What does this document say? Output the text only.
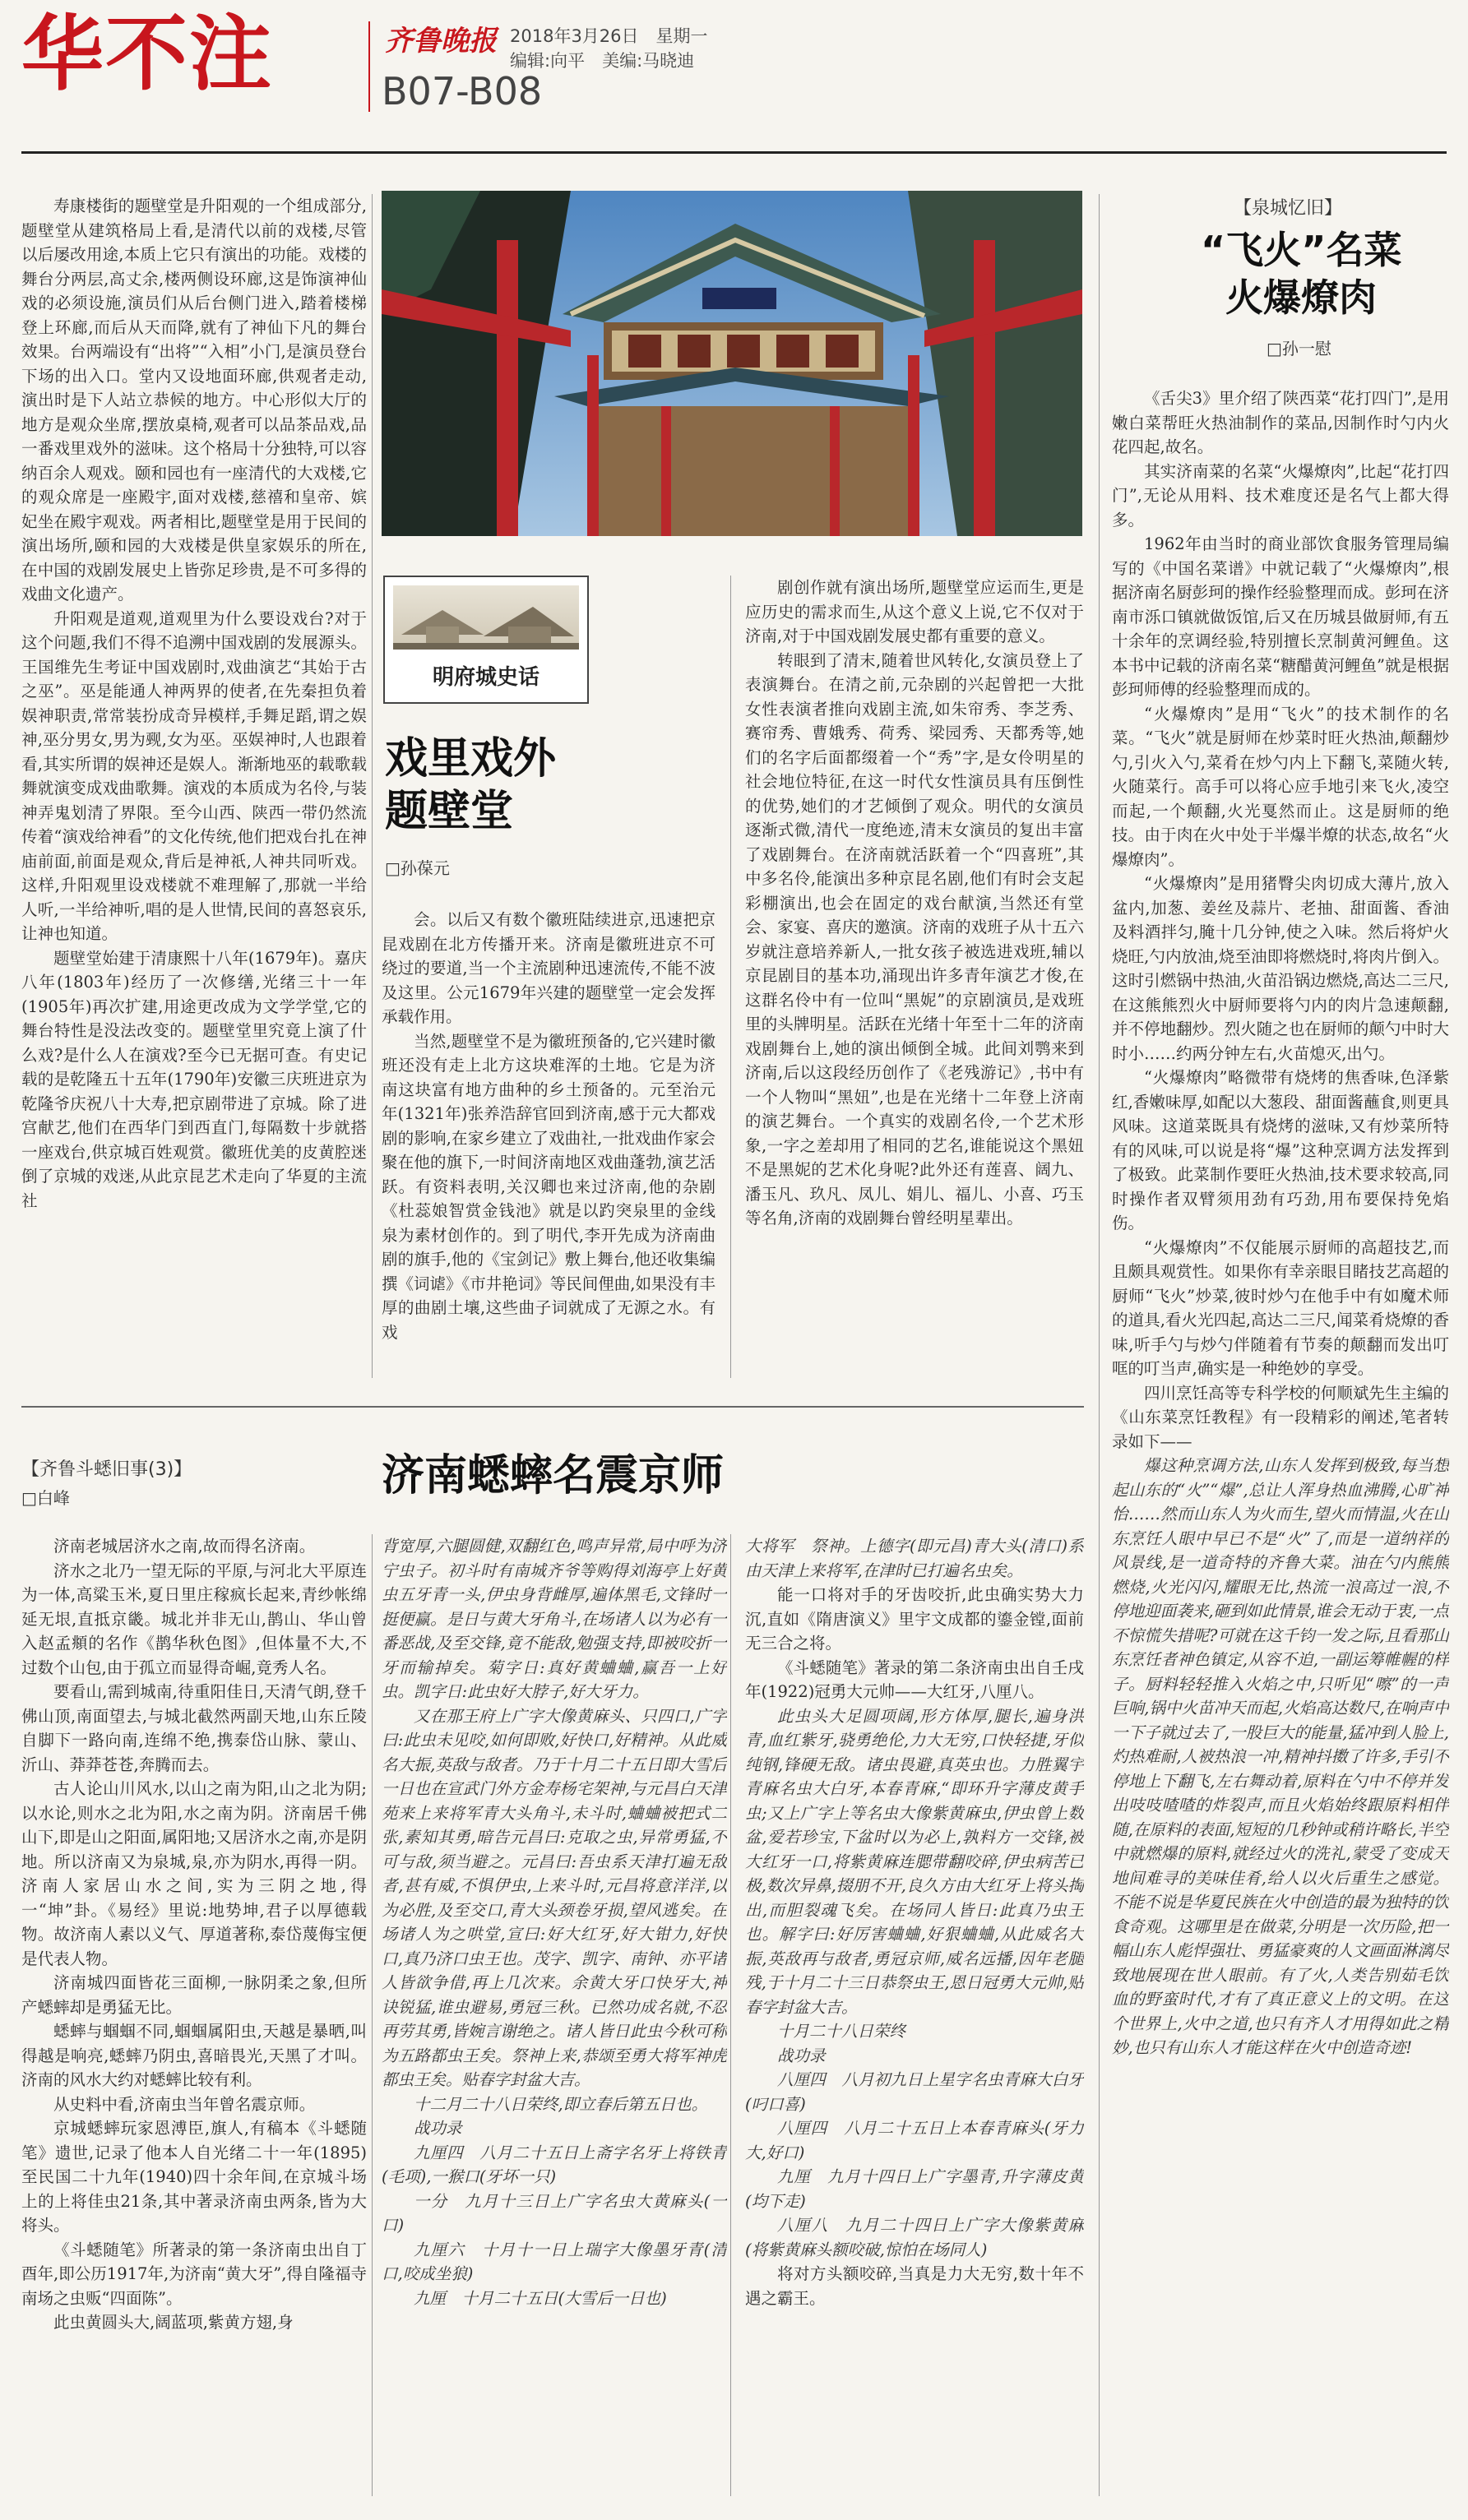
华不注	齐鲁晚报 2018年3月26日　星期一
编辑:向平　美编:马晓迪
B07-B08

寿康楼街的题壁堂是升阳观的一个组成部分,题壁堂从建筑格局上看,是清代以前的戏楼,尽管以后屡改用途,本质上它只有演出的功能。戏楼的舞台分两层,高丈余,楼两侧设环廊,这是饰演神仙戏的必须设施,演员们从后台侧门进入,踏着楼梯登上环廊,而后从天而降,就有了神仙下凡的舞台效果。台两端设有“出将”“入相”小门,是演员登台下场的出入口。堂内又设地面环廊,供观者走动,演出时是下人站立恭候的地方。中心形似大厅的地方是观众坐席,摆放桌椅,观者可以品茶品戏,品一番戏里戏外的滋味。这个格局十分独特,可以容纳百余人观戏。颐和园也有一座清代的大戏楼,它的观众席是一座殿宇,面对戏楼,慈禧和皇帝、嫔妃坐在殿宇观戏。两者相比,题壁堂是用于民间的演出场所,颐和园的大戏楼是供皇家娱乐的所在,在中国的戏剧发展史上皆弥足珍贵,是不可多得的戏曲文化遗产。

升阳观是道观,道观里为什么要设戏台?对于这个问题,我们不得不追溯中国戏剧的发展源头。王国维先生考证中国戏剧时,戏曲演艺“其始于古之巫”。巫是能通人神两界的使者,在先秦担负着娱神职责,常常装扮成奇异模样,手舞足蹈,谓之娱神,巫分男女,男为觋,女为巫。巫娱神时,人也跟着看,其实所谓的娱神还是娱人。渐渐地巫的载歌载舞就演变成戏曲歌舞。演戏的本质成为名伶,与装神弄鬼划清了界限。至今山西、陕西一带仍然流传着“演戏给神看”的文化传统,他们把戏台扎在神庙前面,前面是观众,背后是神祇,人神共同听戏。这样,升阳观里设戏楼就不难理解了,那就一半给人听,一半给神听,唱的是人世情,民间的喜怒哀乐,让神也知道。

题壁堂始建于清康熙十八年(1679年)。嘉庆八年(1803年)经历了一次修缮,光绪三十一年(1905年)再次扩建,用途更改成为文学学堂,它的舞台特性是没法改变的。题壁堂里究竟上演了什么戏?是什么人在演戏?至今已无据可查。有史记载的是乾隆五十五年(1790年)安徽三庆班进京为乾隆爷庆祝八十大寿,把京剧带进了京城。除了进宫献艺,他们在西华门到西直门,每隔数十步就搭一座戏台,供京城百姓观赏。徽班优美的皮黄腔迷倒了京城的戏迷,从此京昆艺术走向了华夏的主流社

明府城史话
戏里戏外
题壁堂
□孙葆元

会。以后又有数个徽班陆续进京,迅速把京昆戏剧在北方传播开来。济南是徽班进京不可绕过的要道,当一个主流剧种迅速流传,不能不波及这里。公元1679年兴建的题壁堂一定会发挥承载作用。

当然,题壁堂不是为徽班预备的,它兴建时徽班还没有走上北方这块难浑的土地。它是为济南这块富有地方曲种的乡土预备的。元至治元年(1321年)张养浩辞官回到济南,感于元大都戏剧的影响,在家乡建立了戏曲社,一批戏曲作家会聚在他的旗下,一时间济南地区戏曲蓬勃,演艺活跃。有资料表明,关汉卿也来过济南,他的杂剧《杜蕊娘智赏金钱池》就是以趵突泉里的金线泉为素材创作的。到了明代,李开先成为济南曲剧的旗手,他的《宝剑记》敷上舞台,他还收集编撰《词谑》《市井艳词》等民间俚曲,如果没有丰厚的曲剧土壤,这些曲子词就成了无源之水。有戏

剧创作就有演出场所,题壁堂应运而生,更是应历史的需求而生,从这个意义上说,它不仅对于济南,对于中国戏剧发展史都有重要的意义。

转眼到了清末,随着世风转化,女演员登上了表演舞台。在清之前,元杂剧的兴起曾把一大批女性表演者推向戏剧主流,如朱帘秀、李芝秀、赛帘秀、曹娥秀、荷秀、梁园秀、天都秀等,她们的名字后面都缀着一个“秀”字,是女伶明星的社会地位特征,在这一时代女性演员具有压倒性的优势,她们的才艺倾倒了观众。明代的女演员逐渐式微,清代一度绝迹,清末女演员的复出丰富了戏剧舞台。在济南就活跃着一个“四喜班”,其中多名伶,能演出多种京昆名剧,他们有时会支起彩棚演出,也会在固定的戏台献演,当然还有堂会、家宴、喜庆的邀演。济南的戏班子从十五六岁就注意培养新人,一批女孩子被选进戏班,辅以京昆剧目的基本功,涌现出许多青年演艺才俊,在这群名伶中有一位叫“黑妮”的京剧演员,是戏班里的头牌明星。活跃在光绪十年至十二年的济南戏剧舞台上,她的演出倾倒全城。此间刘鹗来到济南,后以这段经历创作了《老残游记》,书中有一个人物叫“黑妞”,也是在光绪十二年登上济南的演艺舞台。一个真实的戏剧名伶,一个艺术形象,一字之差却用了相同的艺名,谁能说这个黑妞不是黑妮的艺术化身呢?此外还有莲喜、阔九、潘玉凡、玖凡、凤儿、娟儿、福儿、小喜、巧玉等名角,济南的戏剧舞台曾经明星辈出。

【泉城忆旧】
“飞火”名菜
火爆燎肉
□孙一慰

《舌尖3》里介绍了陕西菜“花打四门”,是用嫩白菜帮旺火热油制作的菜品,因制作时勺内火花四起,故名。

其实济南菜的名菜“火爆燎肉”,比起“花打四门”,无论从用料、技术难度还是名气上都大得多。

1962年由当时的商业部饮食服务管理局编写的《中国名菜谱》中就记载了“火爆燎肉”,根据济南名厨彭珂的操作经验整理而成。彭珂在济南市泺口镇就做饭馆,后又在历城县做厨师,有五十余年的烹调经验,特别擅长烹制黄河鲤鱼。这本书中记载的济南名菜“糖醋黄河鲤鱼”就是根据彭珂师傅的经验整理而成的。

“火爆燎肉”是用“飞火”的技术制作的名菜。“飞火”就是厨师在炒菜时旺火热油,颠翻炒勺,引火入勺,菜肴在炒勺内上下翻飞,菜随火转,火随菜行。高手可以将心应手地引来飞火,凌空而起,一个颠翻,火光戛然而止。这是厨师的绝技。由于肉在火中处于半爆半燎的状态,故名“火爆燎肉”。

“火爆燎肉”是用猪臀尖肉切成大薄片,放入盆内,加葱、姜丝及蒜片、老抽、甜面酱、香油及料酒拌匀,腌十几分钟,使之入味。然后将炉火烧旺,勺内放油,烧至油即将燃烧时,将肉片倒入。这时引燃锅中热油,火苗沿锅边燃烧,高达二三尺,在这熊熊烈火中厨师要将勺内的肉片急速颠翻,并不停地翻炒。烈火随之也在厨师的颠勺中时大时小……约两分钟左右,火苗熄灭,出勺。

“火爆燎肉”略微带有烧烤的焦香味,色泽紫红,香嫩味厚,如配以大葱段、甜面酱蘸食,则更具风味。这道菜既具有烧烤的滋味,又有炒菜所特有的风味,可以说是将“爆”这种烹调方法发挥到了极致。此菜制作要旺火热油,技术要求较高,同时操作者双臂须用劲有巧劲,用布要保持免焰伤。

“火爆燎肉”不仅能展示厨师的高超技艺,而且颇具观赏性。如果你有幸亲眼目睹技艺高超的厨师“飞火”炒菜,彼时炒勺在他手中有如魔术师的道具,看火光四起,高达二三尺,闻菜肴烧燎的香味,听手勺与炒勺伴随着有节奏的颠翻而发出叮哐的叮当声,确实是一种绝妙的享受。

四川烹饪高等专科学校的何顺斌先生主编的《山东菜烹饪教程》有一段精彩的阐述,笔者转录如下——

爆这种烹调方法,山东人发挥到极致,每当想起山东的“火”“爆”,总让人浑身热血沸腾,心旷神怡……然而山东人为火而生,望火而情温,火在山东烹饪人眼中早已不是“火”了,而是一道纳祥的风景线,是一道奇特的齐鲁大菜。油在勺内熊熊燃烧,火光闪闪,耀眼无比,热流一浪高过一浪,不停地迎面袭来,砸到如此情景,谁会无动于衷,一点不惊慌失措呢?可就在这千钧一发之际,且看那山东烹饪者神色镇定,从容不迫,一副运筹帷幄的样子。厨料轻轻推入火焰之中,只听见“嚓”的一声巨响,锅中火苗冲天而起,火焰高达数尺,在响声中一下子就过去了,一股巨大的能量,猛冲到人脸上,灼热难耐,人被热浪一冲,精神抖擞了许多,手引不停地上下翻飞,左右舞动着,原料在勺中不停并发出吱吱喳喳的炸裂声,而且火焰始终跟原料相伴随,在原料的表面,短短的几秒钟或稍许略长,半空中就燃爆的原料,就经过火的洗礼,蒙受了变成天地间难寻的美味佳肴,给人以火后重生之感觉。不能不说是华夏民族在火中创造的最为独特的饮食奇观。这哪里是在做菜,分明是一次历险,把一幅山东人彪悍强壮、勇猛豪爽的人文画面淋漓尽致地展现在世人眼前。有了火,人类告别茹毛饮血的野蛮时代,才有了真正意义上的文明。在这个世界上,火中之道,也只有齐人才用得如此之精妙,也只有山东人才能这样在火中创造奇迹!

【齐鲁斗蟋旧事(3)】
□白峰	济南蟋蟀名震京师

济南老城居济水之南,故而得名济南。

济水之北乃一望无际的平原,与河北大平原连为一体,高粱玉米,夏日里庄稼疯长起来,青纱帐绵延无垠,直抵京畿。城北并非无山,鹊山、华山曾入赵孟頫的名作《鹊华秋色图》,但体量不大,不过数个山包,由于孤立而显得奇崛,竟秀人名。

要看山,需到城南,待重阳佳日,天清气朗,登千佛山顶,南面望去,与城北截然两副天地,山东丘陵自脚下一路向南,连绵不绝,携泰岱山脉、蒙山、沂山、莽莽苍苍,奔腾而去。

古人论山川风水,以山之南为阳,山之北为阴;以水论,则水之北为阳,水之南为阴。济南居千佛山下,即是山之阳面,属阳地;又居济水之南,亦是阴地。所以济南又为泉城,泉,亦为阴水,再得一阴。济南人家居山水之间,实为三阴之地,得一“坤”卦。《易经》里说:地势坤,君子以厚德载物。故济南人素以义气、厚道著称,泰岱蔑侮宝便是代表人物。

济南城四面皆花三面柳,一脉阴柔之象,但所产蟋蟀却是勇猛无比。

蟋蟀与蝈蝈不同,蝈蝈属阳虫,天越是暴晒,叫得越是响亮,蟋蟀乃阴虫,喜暗畏光,天黑了才叫。济南的风水大约对蟋蟀比较有利。

从史料中看,济南虫当年曾名震京师。

京城蟋蟀玩家恩溥臣,旗人,有稿本《斗蟋随笔》遗世,记录了他本人自光绪二十一年(1895)至民国二十九年(1940)四十余年间,在京城斗场上的上将佳虫21条,其中著录济南虫两条,皆为大将头。

《斗蟋随笔》所著录的第一条济南虫出自丁酉年,即公历1917年,为济南“黄大牙”,得自隆福寺南场之虫贩“四面陈”。

此虫黄圆头大,阔蓝项,紫黄方翅,身

背宽厚,六腿圆健,双翻红色,鸣声异常,局中呼为济宁虫子。初斗时有南城齐爷等购得刘海亭上好黄虫五牙青一头,伊虫身背雌厚,遍体黑毛,文锋时一挺便赢。是日与黄大牙角斗,在场诸人以为必有一番恶战,及至交锋,竟不能敌,勉强支持,即被咬折一牙而输掉矣。菊字日:真好黄蛐蛐,赢吾一上好虫。凯字日:此虫好大脖子,好大牙力。

又在那王府上广字大像黄麻头、只四口,广字曰:此虫未见咬,如何即败,好快口,好精神。从此威名大振,英敌与敌者。乃于十月二十五日即大雪后一日也在宣武门外方金寿杨宅架神,与元昌白天津苑来上来将军青大头角斗,未斗时,蛐蛐被把式二张,素知其勇,暗告元昌曰:克取之虫,异常勇猛,不可与敌,须当避之。元昌曰:吾虫系天津打遍无敌者,甚有威,不惧伊虫,上来斗时,元昌将意洋洋,以为必胜,及至交口,青大头颈卷牙损,望风逃矣。在场诸人为之哄堂,宣曰:好大红牙,好大钳力,好快口,真乃济口虫王也。茂字、凯字、南钟、亦平诸人皆欲争借,再上几次来。余黄大牙口快牙大,神诀锐猛,谁虫避易,勇冠三秋。已然功成名就,不忍再劳其勇,皆婉言谢绝之。诸人皆日此虫今秋可称为五路都虫王矣。祭神上来,恭颂至勇大将军神虎都虫王矣。贴春字封盆大吉。

十二月二十八日荣终,即立春后第五日也。

战功录

九厘四　八月二十五日上斋字名牙上将铁青(毛项),一猴口(牙坏一只)

一分　九月十三日上广字名虫大黄麻头(一口)

九厘六　十月十一日上瑞字大像墨牙青(清口,咬成坐狼)

九厘　十月二十五日(大雪后一日也)

大将军　祭神。上德字(即元昌)青大头(清口)系由天津上来将军,在津时已打遍名虫矣。

能一口将对手的牙齿咬折,此虫确实势大力沉,直如《隋唐演义》里宇文成都的鎏金镗,面前无三合之将。

《斗蟋随笔》著录的第二条济南虫出自壬戌年(1922)冠勇大元帅——大红牙,八厘八。

此虫头大足圆项阔,形方体厚,腿长,遍身洪青,血红紫牙,骁勇绝伦,力大无穷,口快轻捷,牙似纯钢,锋硬无敌。诸虫畏避,真英虫也。力胜翼宇青麻名虫大白牙,本春青麻,“即环升字薄皮黄手虫;又上广字上等名虫大像紫黄麻虫,伊虫曾上数盆,爱若珍宝,下盆时以为必上,孰料方一交锋,被大红牙一口,将紫黄麻连腮带翻咬碎,伊虫病苦已极,数次异鼻,掇朋不开,良久方由大红牙上将头掏出,而胆裂魂飞矣。在场同人皆日:此真乃虫王也。解字曰:好厉害蛐蛐,好狠蛐蛐,从此威名大振,英敌再与敌者,勇冠京师,威名远播,因年老腿残,于十月二十三日恭祭虫王,恩日冠勇大元帅,贴春字封盆大吉。

十月二十八日荣终

战功录

八厘四　八月初九日上星字名虫青麻大白牙(叼口喜)

八厘四　八月二十五日上本春青麻头(牙力大,好口)

九厘　九月十四日上广字墨青,升字薄皮黄(均下走)

八厘八　九月二十四日上广字大像紫黄麻(将紫黄麻头额咬破,惊怕在场同人)

将对方头额咬碎,当真是力大无穷,数十年不遇之霸王。
